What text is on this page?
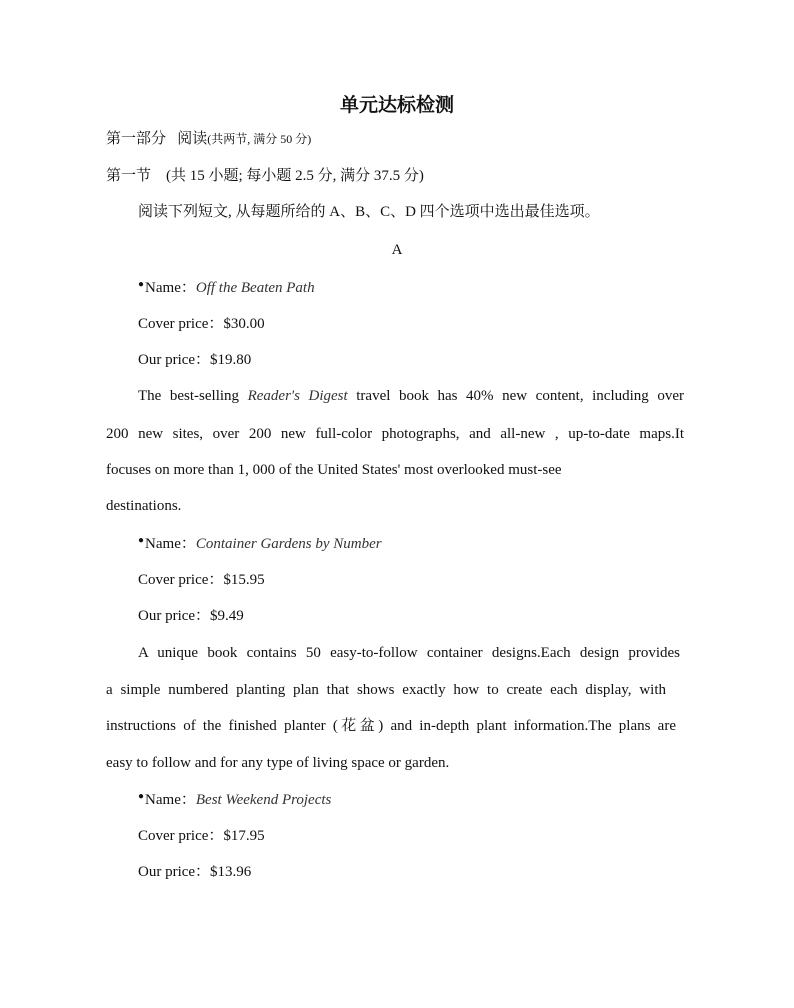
单元达标检测
第一部分 阅读(共两节, 满分 50 分)
第一节 (共 15 小题; 每小题 2.5 分, 满分 37.5 分)
阅读下列短文, 从每题所给的 A、B、C、D 四个选项中选出最佳选项。
A
●Name：Off the Beaten Path
Cover price：$30.00
Our price：$19.80
The best-selling Reader's Digest travel book has 40% new content, including over
200 new sites, over 200 new full-color photographs, and all-new , up-to-date maps.It
focuses on more than 1, 000 of the United States' most overlooked must-see
destinations.
●Name：Container Gardens by Number
Cover price：$15.95
Our price：$9.49
A unique book contains 50 easy-to-follow container designs.Each design provides
a simple numbered planting plan that shows exactly how to create each display, with
instructions of the finished planter (花盆) and in-depth plant information.The plans are
easy to follow and for any type of living space or garden.
●Name：Best Weekend Projects
Cover price：$17.95
Our price：$13.96
